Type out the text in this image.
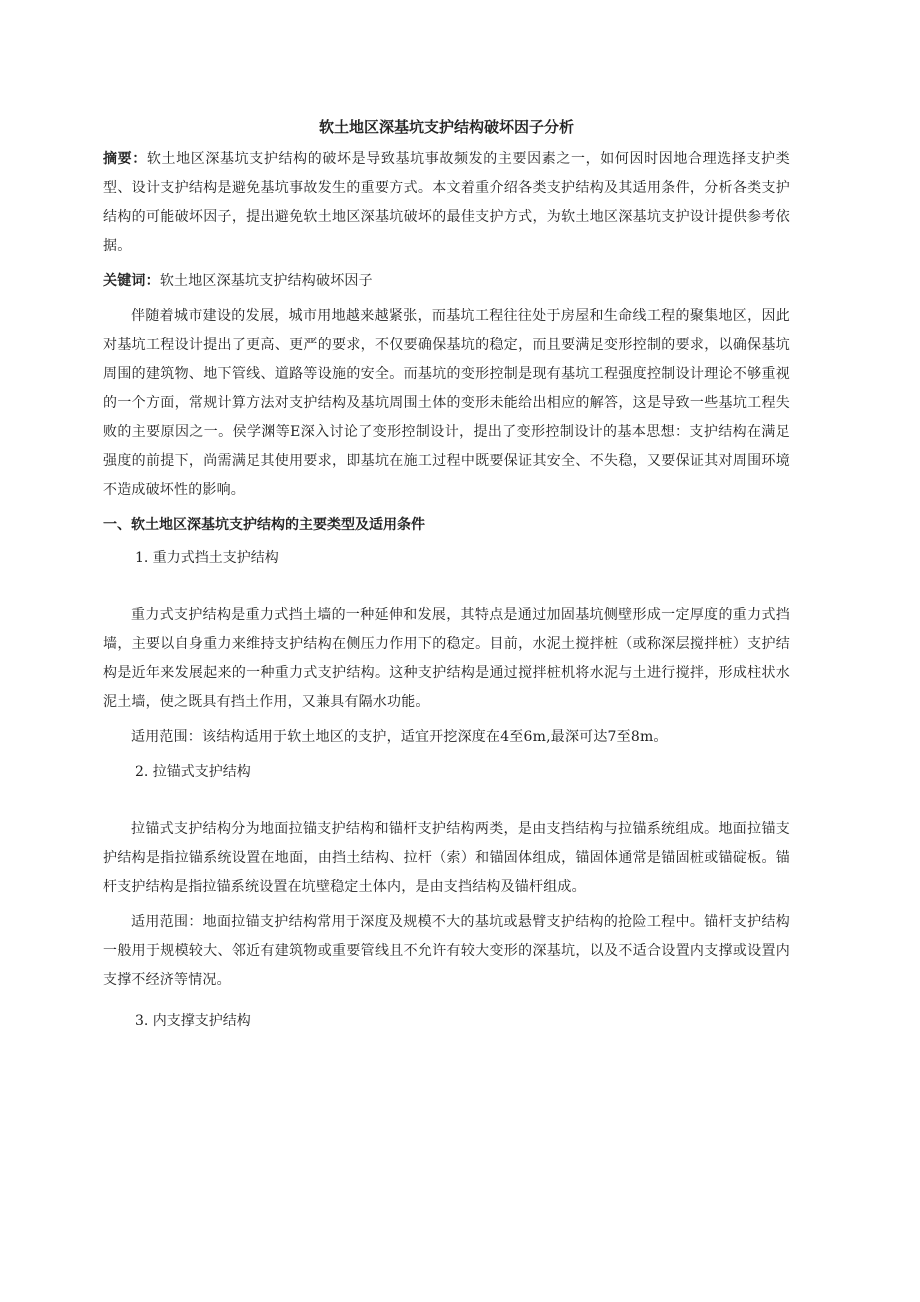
软土地区深基坑支护结构破坏因子分析

摘要：软土地区深基坑支护结构的破坏是导致基坑事故频发的主要因素之一，如何因时因地合理选择支护类型、设计支护结构是避免基坑事故发生的重要方式。本文着重介绍各类支护结构及其适用条件，分析各类支护结构的可能破坏因子，提出避免软土地区深基坑破坏的最佳支护方式，为软土地区深基坑支护设计提供参考依据。

关键词：软土地区深基坑支护结构破坏因子

伴随着城市建设的发展，城市用地越来越紧张，而基坑工程往往处于房屋和生命线工程的聚集地区，因此对基坑工程设计提出了更高、更严的要求，不仅要确保基坑的稳定，而且要满足变形控制的要求，以确保基坑周围的建筑物、地下管线、道路等设施的安全。而基坑的变形控制是现有基坑工程强度控制设计理论不够重视的一个方面，常规计算方法对支护结构及基坑周围土体的变形未能给出相应的解答，这是导致一些基坑工程失败的主要原因之一。侯学渊等E深入讨论了变形控制设计，提出了变形控制设计的基本思想：支护结构在满足强度的前提下，尚需满足其使用要求，即基坑在施工过程中既要保证其安全、不失稳，又要保证其对周围环境不造成破坏性的影响。

一、软土地区深基坑支护结构的主要类型及适用条件

1. 重力式挡土支护结构

重力式支护结构是重力式挡土墙的一种延伸和发展，其特点是通过加固基坑侧壁形成一定厚度的重力式挡墙，主要以自身重力来维持支护结构在侧压力作用下的稳定。目前，水泥土搅拌桩（或称深层搅拌桩）支护结构是近年来发展起来的一种重力式支护结构。这种支护结构是通过搅拌桩机将水泥与土进行搅拌，形成柱状水泥土墙，使之既具有挡土作用，又兼具有隔水功能。

适用范围：该结构适用于软土地区的支护，适宜开挖深度在4至6m,最深可达7至8m。

2. 拉锚式支护结构

拉锚式支护结构分为地面拉锚支护结构和锚杆支护结构两类，是由支挡结构与拉锚系统组成。地面拉锚支护结构是指拉锚系统设置在地面，由挡土结构、拉杆（索）和锚固体组成，锚固体通常是锚固桩或锚碇板。锚杆支护结构是指拉锚系统设置在坑壁稳定土体内，是由支挡结构及锚杆组成。

适用范围：地面拉锚支护结构常用于深度及规模不大的基坑或悬臂支护结构的抢险工程中。锚杆支护结构一般用于规模较大、邻近有建筑物或重要管线且不允许有较大变形的深基坑，以及不适合设置内支撑或设置内支撑不经济等情况。

3. 内支撑支护结构
